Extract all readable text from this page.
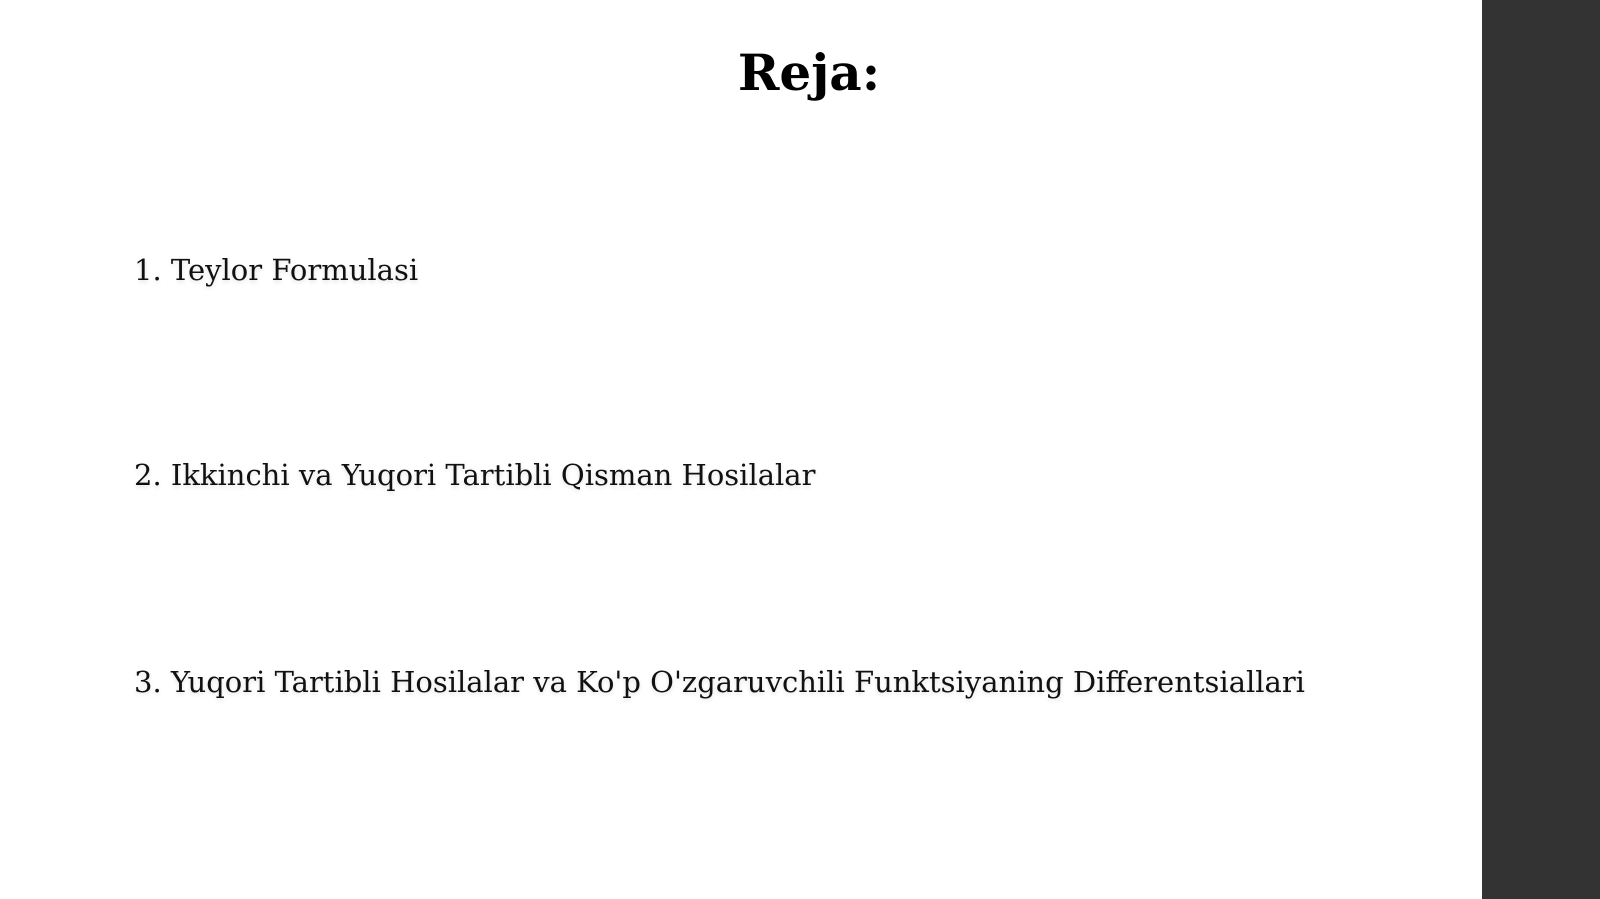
Reja:

1. Teylor Formulasi

2. Ikkinchi va Yuqori Tartibli Qisman Hosilalar

3. Yuqori Tartibli Hosilalar va Ko'p O'zgaruvchili Funktsiyaning Differentsiallari
